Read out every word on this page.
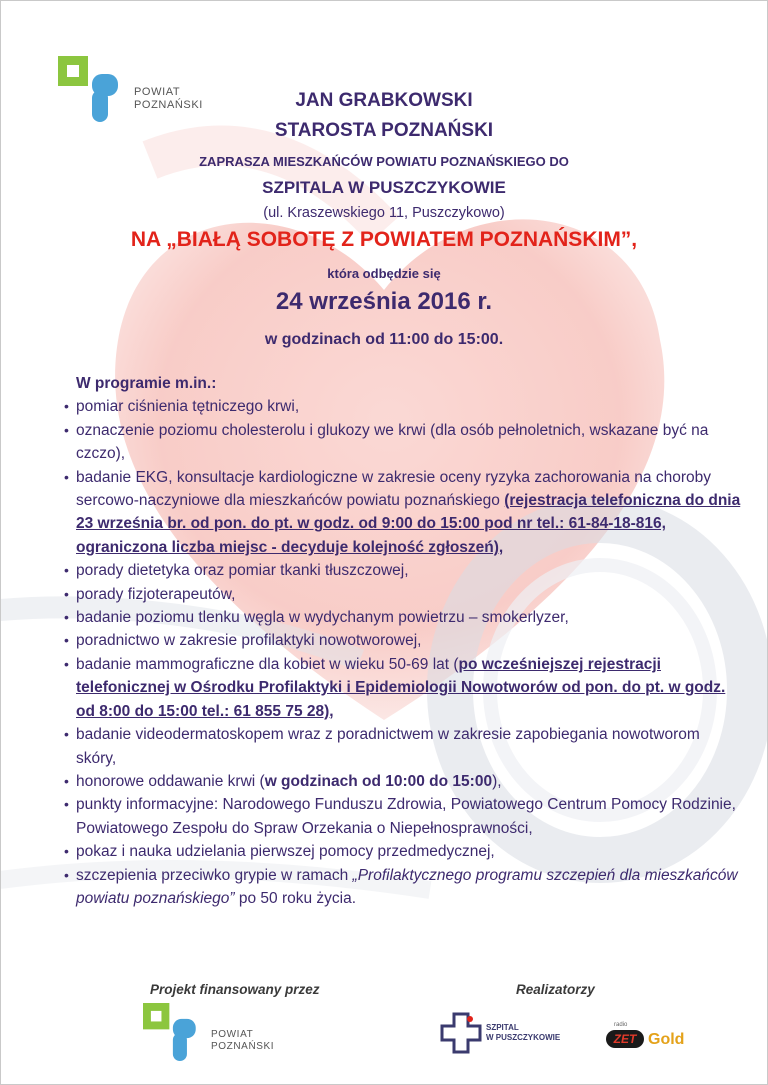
POWIAT
POZNAŃSKI	JAN GRABKOWSKI
STAROSTA POZNAŃSKI
ZAPRASZA MIESZKAŃCÓW POWIATU POZNAŃSKIEGO DO
SZPITALA W PUSZCZYKOWIE
(ul. Kraszewskiego 11, Puszczykowo)
NA „BIAŁĄ SOBOTĘ Z POWIATEM POZNAŃSKIM”,
która odbędzie się
24 września 2016 r.
w godzinach od 11:00 do 15:00.
W programie m.in.:
• pomiar ciśnienia tętniczego krwi,
• oznaczenie poziomu cholesterolu i glukozy we krwi (dla osób pełnoletnich, wskazane być na czczo),
• badanie EKG, konsultacje kardiologiczne w zakresie oceny ryzyka zachorowania na choroby sercowo-naczyniowe dla mieszkańców powiatu poznańskiego (rejestracja telefoniczna do dnia 23 września br. od pon. do pt. w godz. od 9:00 do 15:00 pod nr tel.: 61-84-18-816, ograniczona liczba miejsc - decyduje kolejność zgłoszeń),
• porady dietetyka oraz pomiar tkanki tłuszczowej,
• porady fizjoterapeutów,
• badanie poziomu tlenku węgla w wydychanym powietrzu – smokerlyzer,
• poradnictwo w zakresie profilaktyki nowotworowej,
• badanie mammograficzne dla kobiet w wieku 50-69 lat (po wcześniejszej rejestracji telefonicznej w Ośrodku Profilaktyki i Epidemiologii Nowotworów od pon. do pt. w godz. od 8:00 do 15:00 tel.: 61 855 75 28),
• badanie videodermatoskopem wraz z poradnictwem w zakresie zapobiegania nowotworom skóry,
• honorowe oddawanie krwi (w godzinach od 10:00 do 15:00),
• punkty informacyjne: Narodowego Funduszu Zdrowia, Powiatowego Centrum Pomocy Rodzinie, Powiatowego Zespołu do Spraw Orzekania o Niepełnosprawności,
• pokaz i nauka udzielania pierwszej pomocy przedmedycznej,
• szczepienia przeciwko grypie w ramach „Profilaktycznego programu szczepień dla mieszkańców powiatu poznańskiego” po 50 roku życia.
Projekt finansowany przez	Realizatorzy
POWIAT
POZNAŃSKI
SZPITAL
W PUSZCZYKOWIE
radio
ZET Gold
